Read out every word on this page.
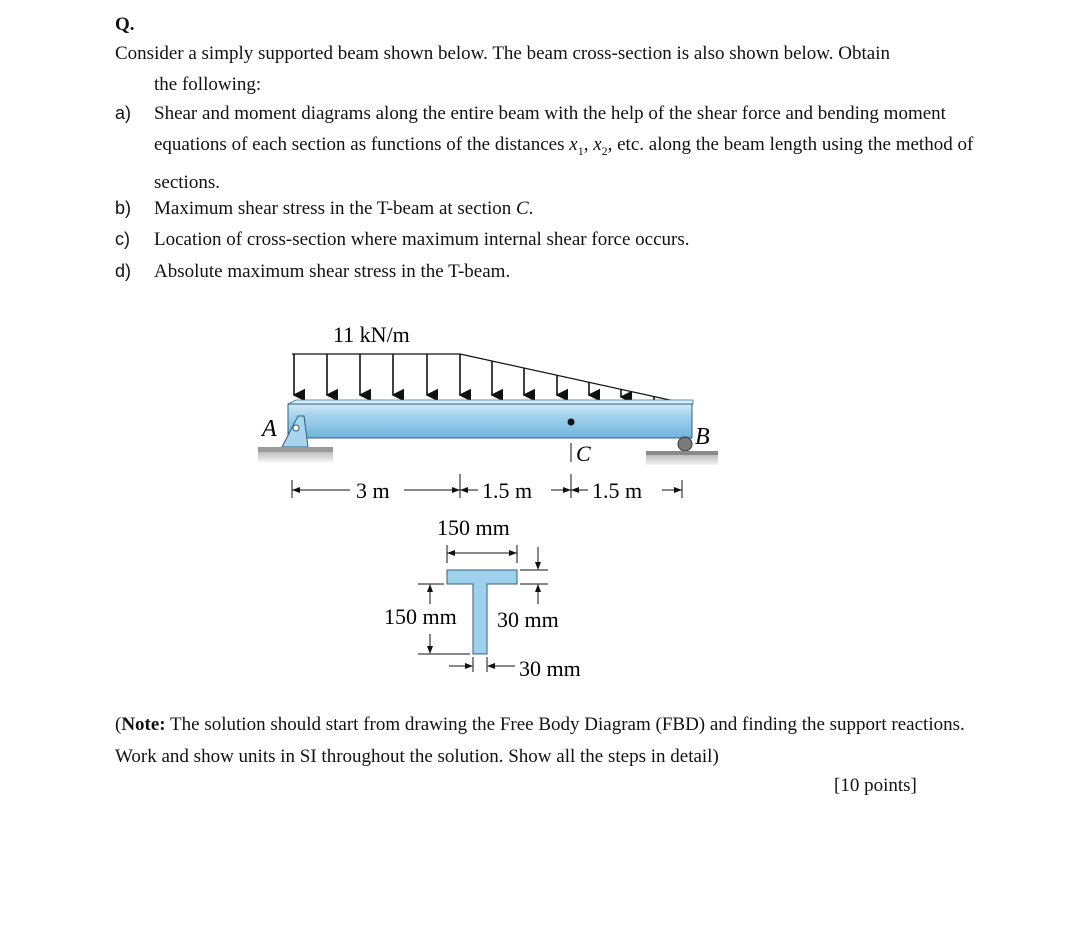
Q.
Consider a simply supported beam shown below. The beam cross-section is also shown below. Obtain
the following:
a)	Shear and moment diagrams along the entire beam with the help of the shear force and bending moment equations of each section as functions of the distances $x_1$, $x_2$, etc. along the beam length using the method of sections.
b)	Maximum shear stress in the T-beam at section C.
c)	Location of cross-section where maximum internal shear force occurs.
d)	Absolute maximum shear stress in the T-beam.
11 kN/m
C
A	B
3 m	1.5 m	1.5 m
150 mm
150 mm 30 mm
30 mm
(Note: The solution should start from drawing the Free Body Diagram (FBD) and finding the support reactions. Work and show units in SI throughout the solution. Show all the steps in detail)
[10 points]
